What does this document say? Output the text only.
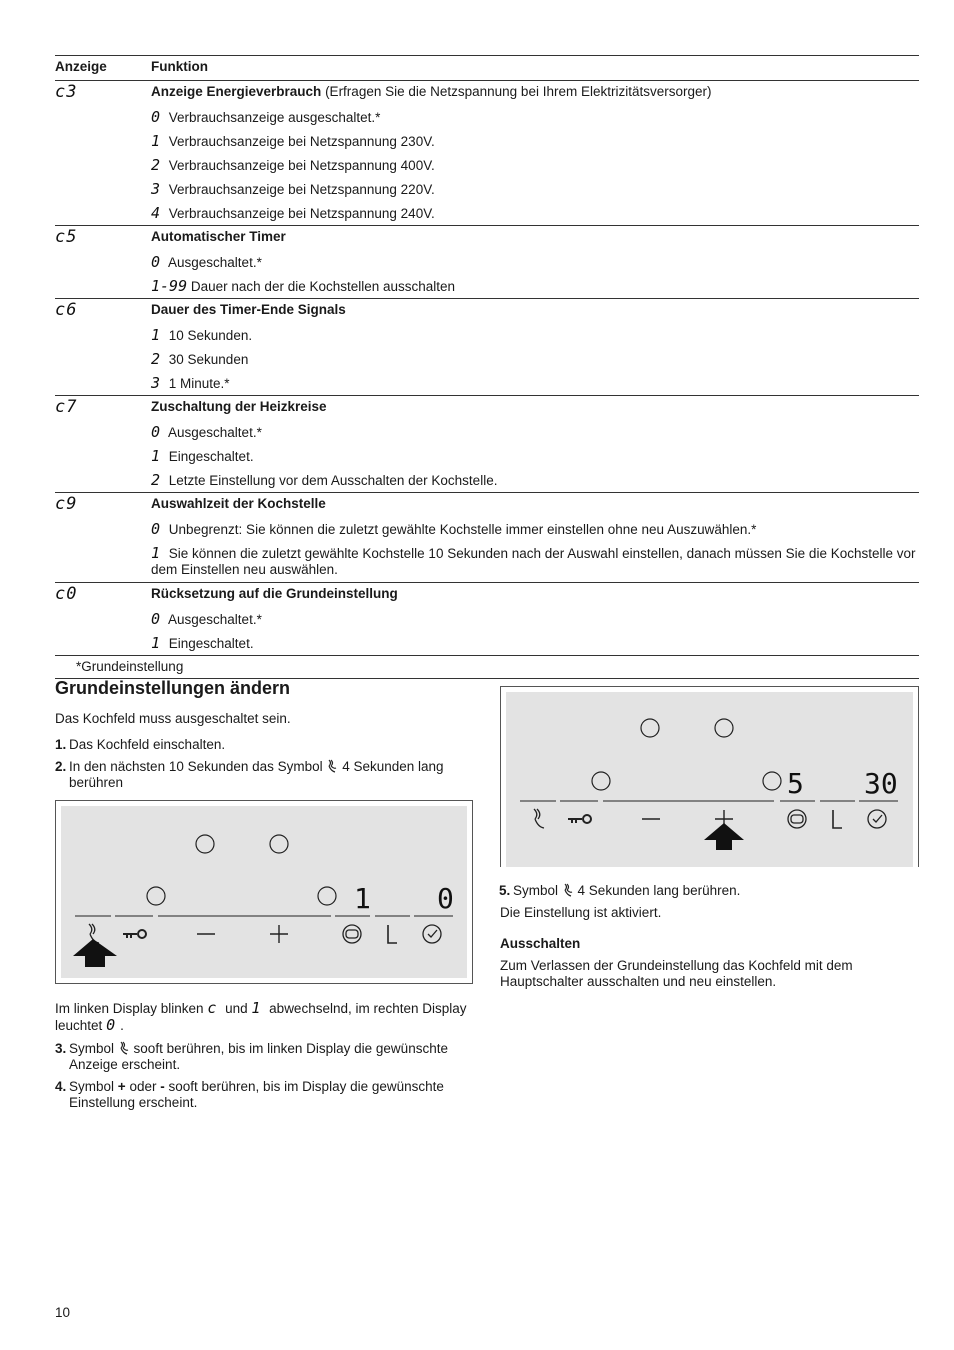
Anzeige	Funktion

c3	Anzeige Energieverbrauch (Erfragen Sie die Netzspannung bei Ihrem Elektrizitätsversorger)

	0 Verbrauchsanzeige ausgeschaltet.*

	1 Verbrauchsanzeige bei Netzspannung 230V.

	2 Verbrauchsanzeige bei Netzspannung 400V.

	3 Verbrauchsanzeige bei Netzspannung 220V.

	4 Verbrauchsanzeige bei Netzspannung 240V.

c5	Automatischer Timer

	0 Ausgeschaltet.*

	1-99 Dauer nach der die Kochstellen ausschalten

c6	Dauer des Timer-Ende Signals

	1 10 Sekunden.

	2 30 Sekunden

	3 1 Minute.*

c7	Zuschaltung der Heizkreise

	0 Ausgeschaltet.*

	1 Eingeschaltet.

	2 Letzte Einstellung vor dem Ausschalten der Kochstelle.

c9	Auswahlzeit der Kochstelle

	0 Unbegrenzt: Sie können die zuletzt gewählte Kochstelle immer einstellen ohne neu Auszuwählen.*

	1 Sie können die zuletzt gewählte Kochstelle 10 Sekunden nach der Auswahl einstellen, danach müssen Sie die Kochstelle vor dem Einstellen neu auswählen.

c0	Rücksetzung auf die Grundeinstellung

	0 Ausgeschaltet.*

	1 Eingeschaltet.

*Grundeinstellung	
Grundeinstellungen ändern
Das Kochfeld muss ausgeschaltet sein.
1. Das Kochfeld einschalten.
2. In den nächsten 10 Sekunden das Symbol 4 Sekunden lang berühren
1 0
Im linken Display blinken c und 1 abwechselnd, im rechten Display leuchtet 0 .
3. Symbol sooft berühren, bis im linken Display die gewünschte Anzeige erscheint.
4. Symbol + oder - sooft berühren, bis im Display die gewünschte Einstellung erscheint.
5 30
5. Symbol 4 Sekunden lang berühren.
Die Einstellung ist aktiviert.
Ausschalten
Zum Verlassen der Grundeinstellung das Kochfeld mit dem Hauptschalter ausschalten und neu einstellen.
10
